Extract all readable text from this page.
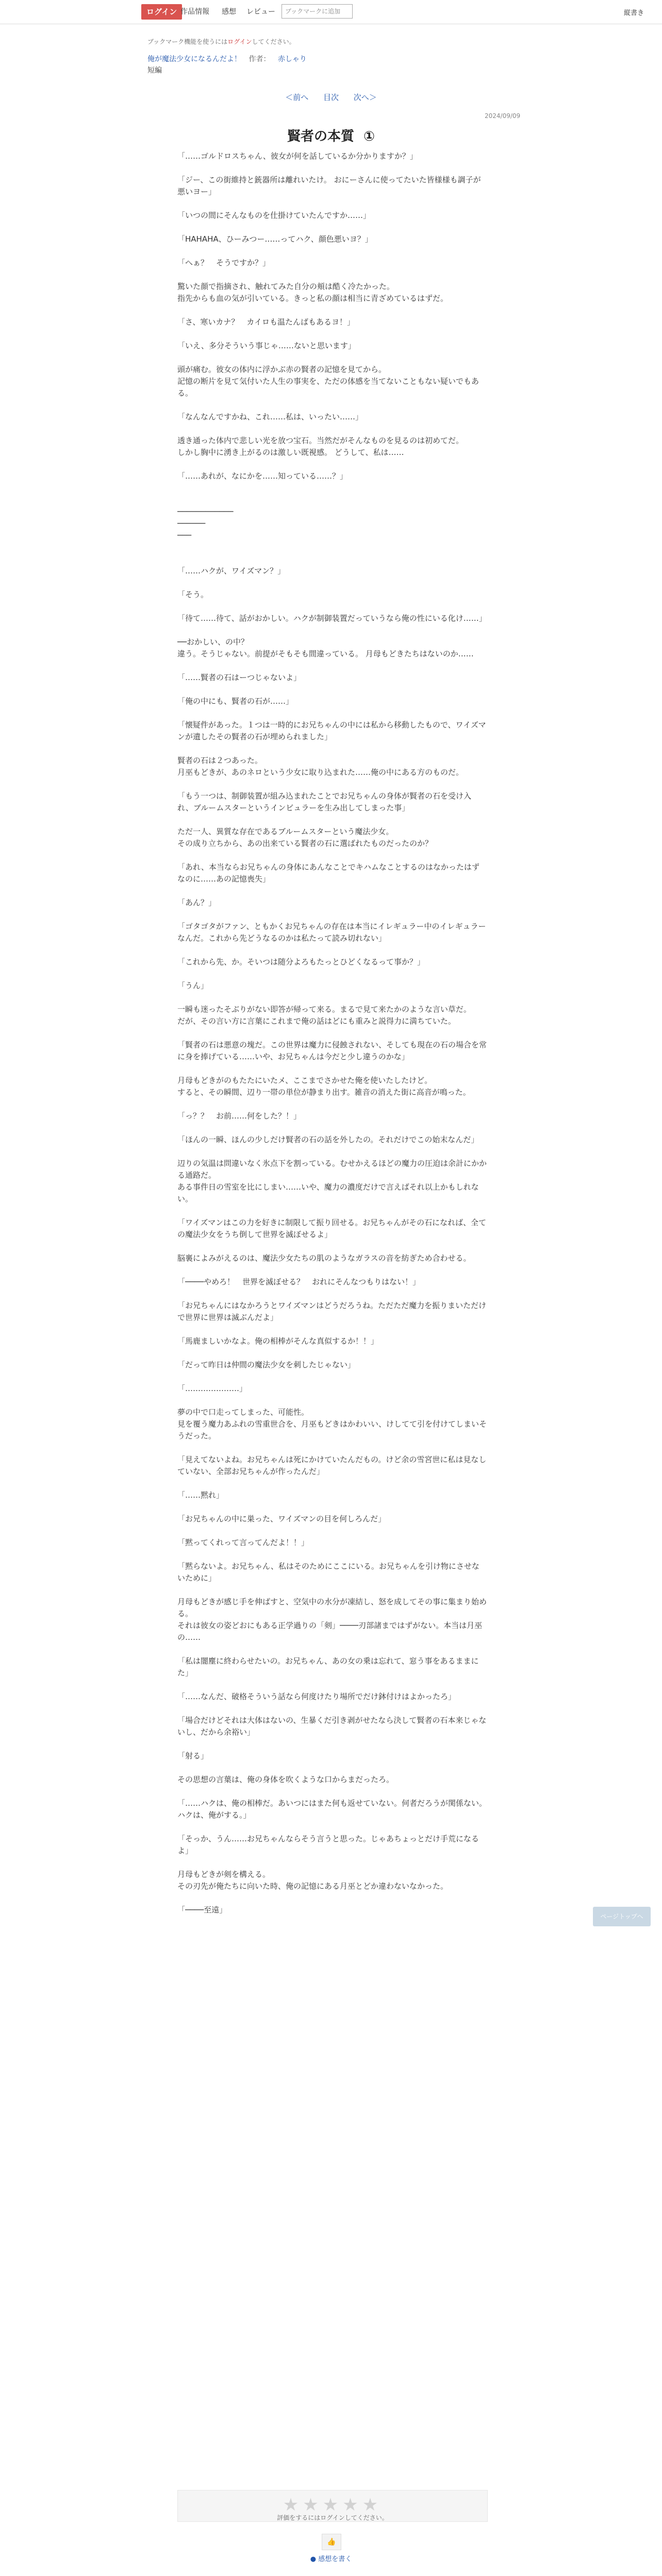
ログイン 作品情報 感想 レビュー	ブックマークに追加	縦書き
ブックマーク機能を使うにはログインしてください。
俺が魔法少女になるんだよ！ 作者： 赤しゃり
短編
＜前へ 目次 次へ＞
2024/09/09
賢者の本質 ①
「……ゴルドロスちゃん、彼女が何を話しているか分かりますか？」

「ジー、この街維持と銃器所は離れいたけ。 おにーさんに使ってたいた皆様様も調子が悪いヨー」

「いつの間にそんなものを仕掛けていたんですか……」

「HAHAHA、ひーみつー……ってハク、顔色悪いヨ？」

「へぁ？　そうですか？」

驚いた顔で指摘され、触れてみた自分の頬は酷く冷たかった。
指先からも血の気が引いている。きっと私の顔は相当に青ざめているはずだ。

「さ、寒いカナ？　カイロも温たんばもあるヨ！」

「いえ、多分そういう事じゃ……ないと思います」

頭が痛む。彼女の体内に浮かぶ赤の賢者の記憶を見てから。
記憶の断片を見て気付いた人生の事実を、ただの体感を当てないこともない疑いでもある。

「なんなんですかね、これ……私は、いったい……」

透き通った体内で悲しい光を放つ宝石。当然だがそんなものを見るのは初めてだ。
しかし胸中に湧き上がるのは激しい既視感。 どうして、私は……

「……あれが、なにかを……知っている……？」

────────────
──────
───

「……ハクが、ワイズマン？」

「そう。

「待て……待て、話がおかしい。ハクが制御装置だっていうなら俺の性にいる化け……」

──おかしい、の中？
違う。そうじゃない。前提がそもそも間違っている。 月母もどきたちはないのか……

「……賢者の石はーつじゃないよ」

「俺の中にも、賢者の石が……」

「懐疑件があった。１つは一時的にお兄ちゃんの中には私から移動したもので、ワイズマンが遺したその賢者の石が埋められました」

賢者の石は２つあった。
月巫もどきが、あのネロという少女に取り込まれた……俺の中にある方のものだ。

「もう一つは、制御装置が組み込まれたことでお兄ちゃんの身体が賢者の石を受け入れ、ブルームスターというインビュラーを生み出してしまった事」

ただ一人、異質な存在であるブルームスターという魔法少女。
その成り立ちから、あの出来ている賢者の石に選ばれたものだったのか？

「あれ、本当ならお兄ちゃんの身体にあんなことでキハムなことするのはなかったはずなのに……あの記憶喪失」

「あん？」

「ゴタゴタがファン、ともかくお兄ちゃんの存在は本当にイレギュラー中のイレギュラーなんだ。これから先どうなるのかは私たって読み切れない」

「これから先、か。そいつは随分よろもたっとひどくなるって事か？」

「うん」

一瞬も迷ったそぶりがない即答が帰って来る。まるで見て来たかのような言い草だ。
だが、その言い方に言葉にこれまで俺の話はどにも重みと説得力に満ちていた。

「賢者の石は悪意の塊だ。この世界は魔力に侵蝕されない、そしても現在の石の場合を常に身を捧げている……いや、お兄ちゃんは今だと少し違うのかな」

月母もどきがのもたたにいたメ、ここまでさかせた俺を使いたしたけど。
すると、その瞬間、辺り一帯の単位が静まり出す。雑音の消えた街に高音が鳴った。

「っ？？　お前……何をした？！」

「ほんの一瞬、ほんの少しだけ賢者の石の話を外したの。それだけでこの始末なんだ」

辺りの気温は問違いなく氷点下を割っている。むせかえるほどの魔力の圧迫は余計にかかる通路だ。
ある事件日の雪室を比にしまい……いや、魔力の濃度だけで言えばそれ以上かもしれない。

「ワイズマンはこの力を好きに制限して振り回せる。お兄ちゃんがその石になれば、全ての魔法少女をうち倒して世界を滅ぼせるよ」

脳裏によみがえるのは、魔法少女たちの肌のようなガラスの音を紡ぎため合わせる。

「────やめろ！　世界を滅ぼせる？　おれにそんなつもりはない！」

「お兄ちゃんにはなかろうとワイズマンはどうだろうね。ただただ魔力を振りまいただけで世界に世界は滅ぶんだよ」

「馬鹿ましいかなよ。俺の相棒がそんな真似するか！！」

「だって昨日は仲間の魔法少女を刺したじゃない」

「…………………」

夢の中で口走ってしまった、可能性。
見を覆う魔力あふれの雪重世合を、月巫もどきはかわいい、けしてて引を付けてしまいそうだった。

「見えてないよね。お兄ちゃんは死にかけていたんだもの。けど余の雪宮世に私は見なしていない、全部お兄ちゃんが作ったんだ」

「……黙れ」

「お兄ちゃんの中に巣った、ワイズマンの目を何しろんだ」

「黙ってくれって言ってんだよ！！」

「黙らないよ。お兄ちゃん、私はそのためにここにいる。お兄ちゃんを引け物にさせないために」

月母もどきが感じ手を伸ばすと、空気中の水分が凍結し、怒を成してその事に集まり始める。
それは彼女の姿どおにもある正学過りの「剣」────刃部諸まではずがない。本当は月巫の……

「私は闇塵に終わらせたいの。お兄ちゃん、あの女の乗は忘れて、窓う事をあるままにた」

「……なんだ、破格そういう話なら何度けたり場所でだけ鉢付けはよかったろ」

「場合だけどそれは大体はないの、生暴くだ引き剥がせたなら決して賢者の石本来じゃないし、だから余裕い」

「射る」

その思想の言葉は、俺の身体を吹くような口からまだったろ。

「……ハクは、俺の相棒だ。あいつにはまた何も返せていない。何者だろうが関係ない。ハクは、俺がする。」

「そっか、うん……お兄ちゃんならそう言うと思った。じゃあちょっとだけ手荒になるよ」

月母もどきが剣を構える。
その刃先が俺たちに向いた時、俺の記憶にある月巫とどか違わないなかった。

「────至遠」
ページトップへ
★★★★★
評価をするにはログインしてください。
👍
● 感想を書く
